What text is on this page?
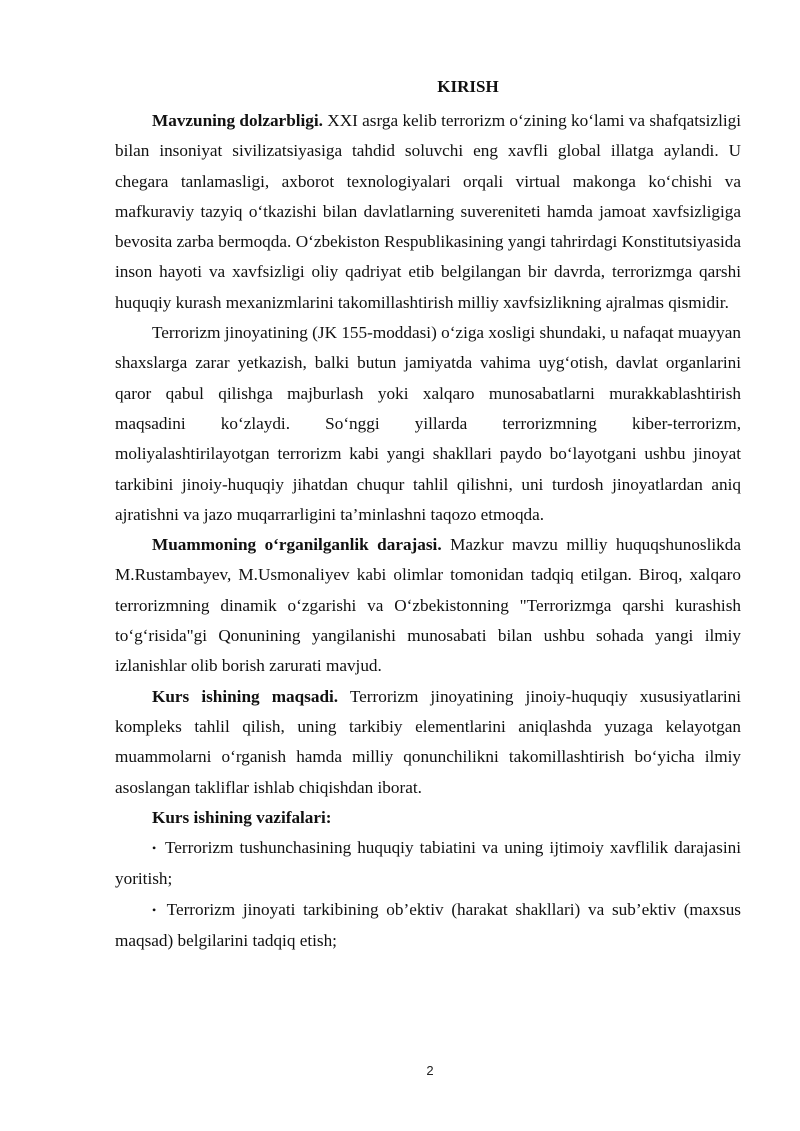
KIRISH

Mavzuning dolzarbligi. XXI asrga kelib terrorizm o‘zining ko‘lami va shafqatsizligi bilan insoniyat sivilizatsiyasiga tahdid soluvchi eng xavfli global illatga aylandi. U chegara tanlamasligi, axborot texnologiyalari orqali virtual makonga ko‘chishi va mafkuraviy tazyiq o‘tkazishi bilan davlatlarning suvereniteti hamda jamoat xavfsizligiga bevosita zarba bermoqda. O‘zbekiston Respublikasining yangi tahrirdagi Konstitutsiyasida inson hayoti va xavfsizligi oliy qadriyat etib belgilangan bir davrda, terrorizmga qarshi huquqiy kurash mexanizmlarini takomillashtirish milliy xavfsizlikning ajralmas qismidir.

Terrorizm jinoyatining (JK 155-moddasi) o‘ziga xosligi shundaki, u nafaqat muayyan shaxslarga zarar yetkazish, balki butun jamiyatda vahima uyg‘otish, davlat organlarini qaror qabul qilishga majburlash yoki xalqaro munosabatlarni murakkablashtirish maqsadini ko‘zlaydi. So‘nggi yillarda terrorizmning kiber-terrorizm, moliyalashtirilayotgan terrorizm kabi yangi shakllari paydo bo‘layotgani ushbu jinoyat tarkibini jinoiy-huquqiy jihatdan chuqur tahlil qilishni, uni turdosh jinoyatlardan aniq ajratishni va jazo muqarrarligini ta’minlashni taqozo etmoqda.

Muammoning o‘rganilganlik darajasi. Mazkur mavzu milliy huquqshunoslikda M.Rustambayev, M.Usmonaliyev kabi olimlar tomonidan tadqiq etilgan. Biroq, xalqaro terrorizmning dinamik o‘zgarishi va O‘zbekistonning "Terrorizmga qarshi kurashish to‘g‘risida"gi Qonunining yangilanishi munosabati bilan ushbu sohada yangi ilmiy izlanishlar olib borish zarurati mavjud.

Kurs ishining maqsadi. Terrorizm jinoyatining jinoiy-huquqiy xususiyatlarini kompleks tahlil qilish, uning tarkibiy elementlarini aniqlashda yuzaga kelayotgan muammolarni o‘rganish hamda milliy qonunchilikni takomillashtirish bo‘yicha ilmiy asoslangan takliflar ishlab chiqishdan iborat.

Kurs ishining vazifalari:

• Terrorizm tushunchasining huquqiy tabiatini va uning ijtimoiy xavflilik darajasini yoritish;

• Terrorizm jinoyati tarkibining ob’ektiv (harakat shakllari) va sub’ektiv (maxsus maqsad) belgilarini tadqiq etish;

2
